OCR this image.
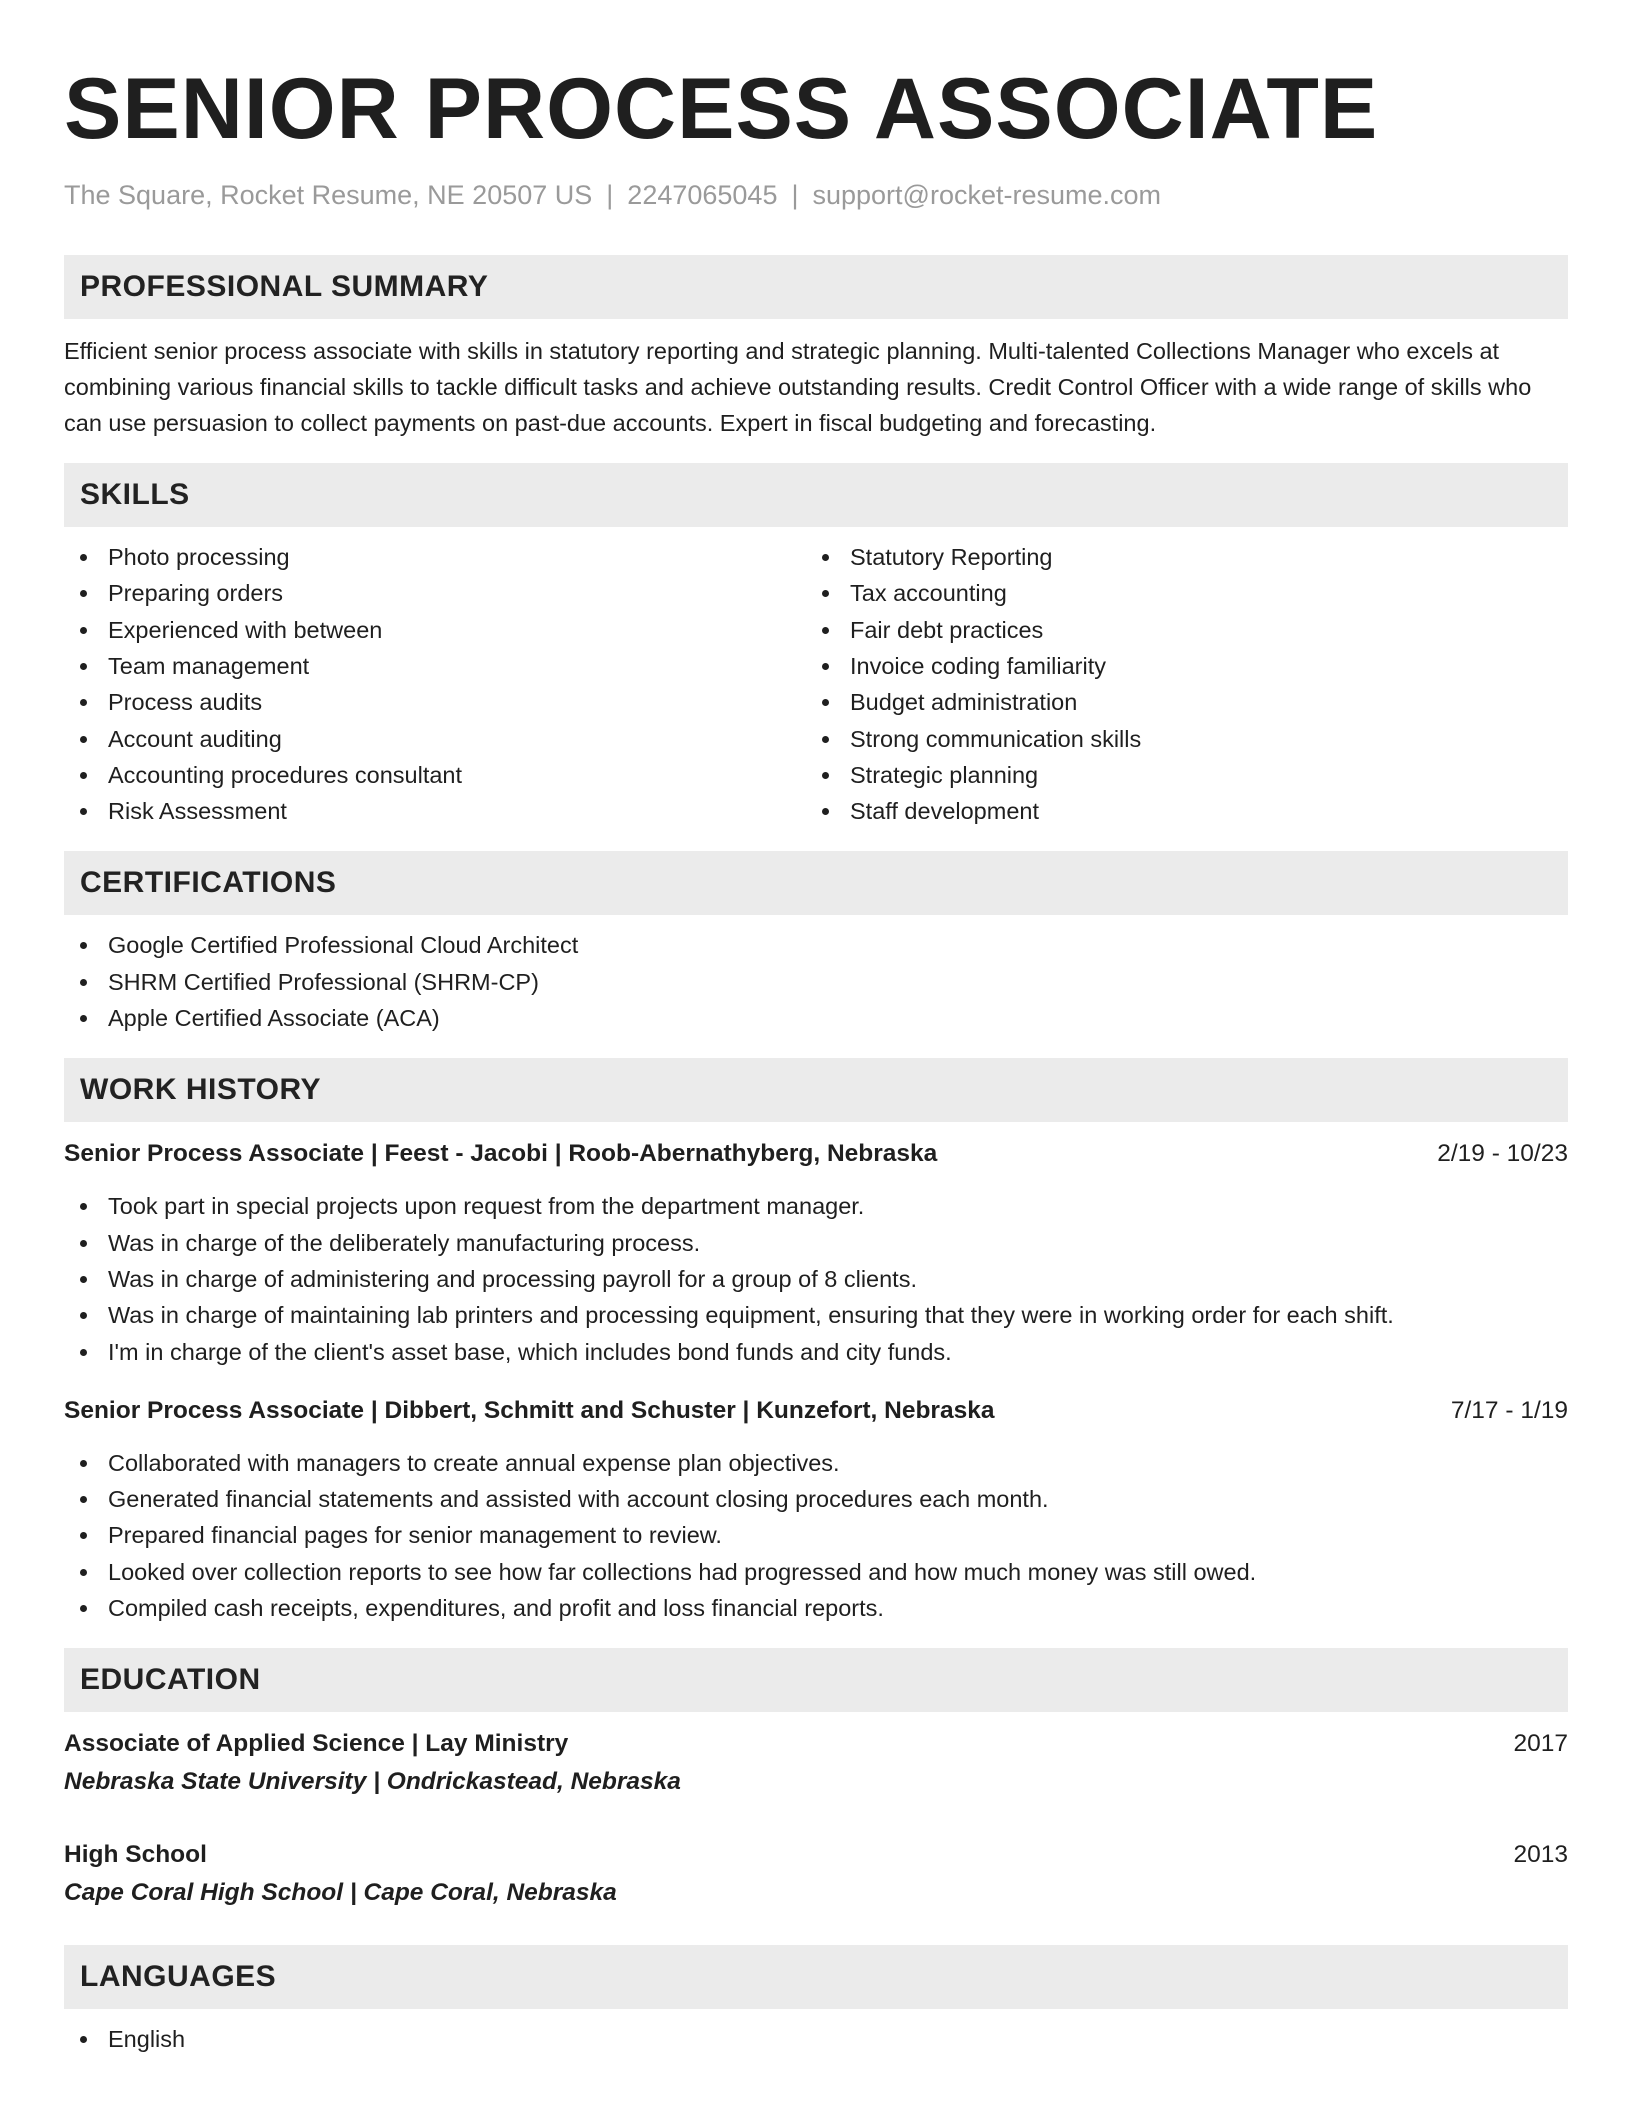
SENIOR PROCESS ASSOCIATE
The Square, Rocket Resume, NE 20507 US | 2247065045 | support@rocket-resume.com
PROFESSIONAL SUMMARY
Efficient senior process associate with skills in statutory reporting and strategic planning. Multi-talented Collections Manager who excels at combining various financial skills to tackle difficult tasks and achieve outstanding results. Credit Control Officer with a wide range of skills who can use persuasion to collect payments on past-due accounts. Expert in fiscal budgeting and forecasting.
SKILLS
Photo processing
Preparing orders
Experienced with between
Team management
Process audits
Account auditing
Accounting procedures consultant
Risk Assessment
Statutory Reporting
Tax accounting
Fair debt practices
Invoice coding familiarity
Budget administration
Strong communication skills
Strategic planning
Staff development
CERTIFICATIONS
Google Certified Professional Cloud Architect
SHRM Certified Professional (SHRM-CP)
Apple Certified Associate (ACA)
WORK HISTORY
Senior Process Associate | Feest - Jacobi | Roob-Abernathyberg, Nebraska	2/19 - 10/23
Took part in special projects upon request from the department manager.
Was in charge of the deliberately manufacturing process.
Was in charge of administering and processing payroll for a group of 8 clients.
Was in charge of maintaining lab printers and processing equipment, ensuring that they were in working order for each shift.
I'm in charge of the client's asset base, which includes bond funds and city funds.
Senior Process Associate | Dibbert, Schmitt and Schuster | Kunzefort, Nebraska	7/17 - 1/19
Collaborated with managers to create annual expense plan objectives.
Generated financial statements and assisted with account closing procedures each month.
Prepared financial pages for senior management to review.
Looked over collection reports to see how far collections had progressed and how much money was still owed.
Compiled cash receipts, expenditures, and profit and loss financial reports.
EDUCATION
Associate of Applied Science | Lay Ministry	2017
Nebraska State University | Ondrickastead, Nebraska
High School	2013
Cape Coral High School | Cape Coral, Nebraska
LANGUAGES
English
